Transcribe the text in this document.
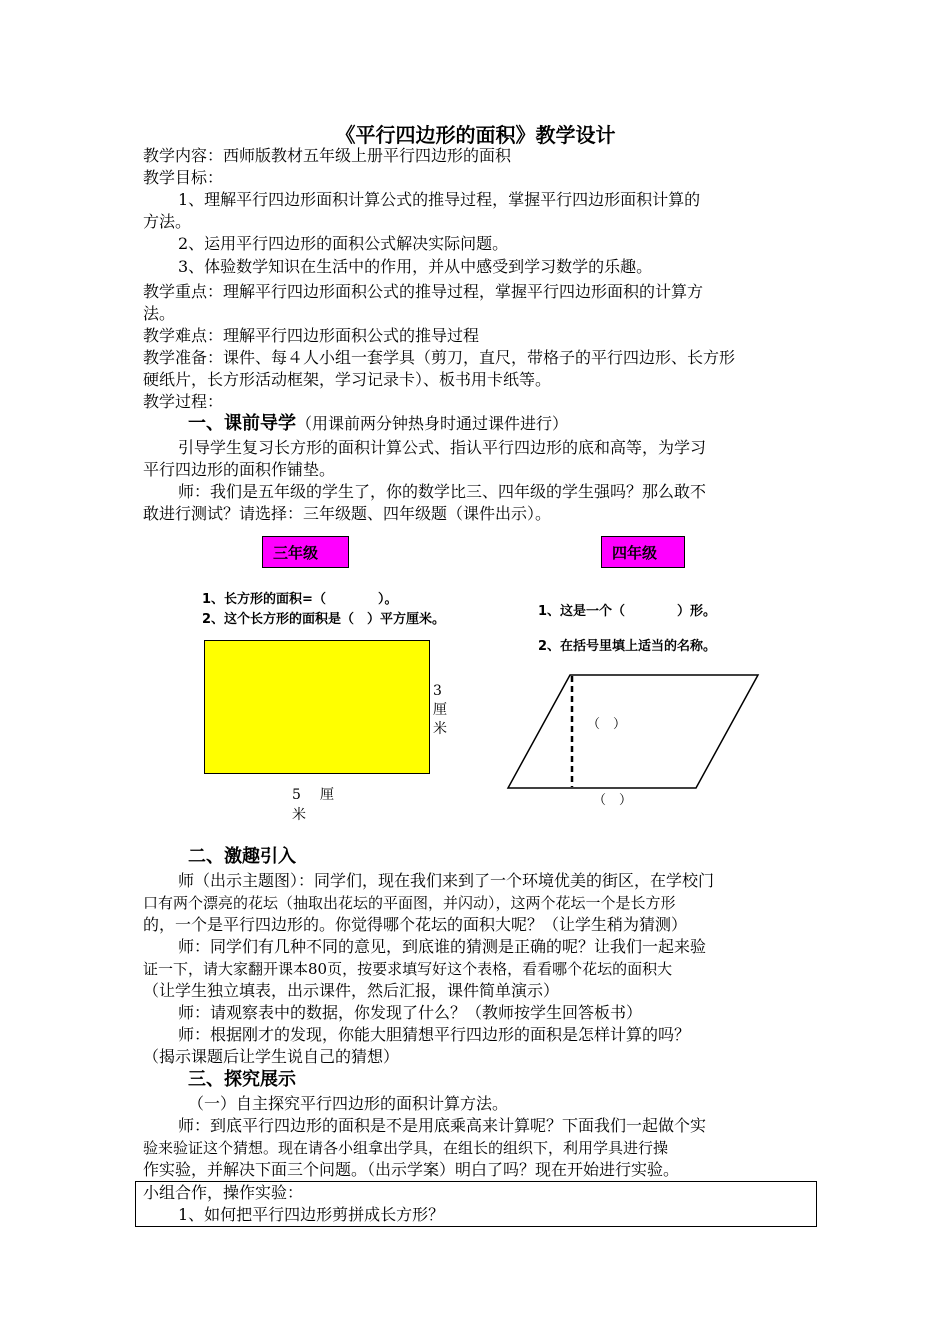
《平行四边形的面积》教学设计
教学内容：西师版教材五年级上册平行四边形的面积
教学目标：
1、理解平行四边形面积计算公式的推导过程，掌握平行四边形面积计算的
方法。
2、运用平行四边形的面积公式解决实际问题。
3、体验数学知识在生活中的作用，并从中感受到学习数学的乐趣。
教学重点：理解平行四边形面积公式的推导过程，掌握平行四边形面积的计算方
法。
教学难点：理解平行四边形面积公式的推导过程
教学准备：课件、每４人小组一套学具（剪刀，直尺，带格子的平行四边形、长方形
硬纸片，长方形活动框架，学习记录卡）、板书用卡纸等。
教学过程：
一、课前导学（用课前两分钟热身时通过课件进行）
引导学生复习长方形的面积计算公式、指认平行四边形的底和高等，为学习
平行四边形的面积作铺垫。
师：我们是五年级的学生了，你的数学比三、四年级的学生强吗？那么敢不
敢进行测试？请选择：三年级题、四年级题（课件出示）。
三年级	四年级
1、长方形的面积=（　　　　）。
2、这个长方形的面积是（　）平方厘米。
1、这是一个（　　　　）形。
2、在括号里填上适当的名称。
3
厘
米
5 厘
米
（　）
（　）
二、激趣引入
师（出示主题图）：同学们，现在我们来到了一个环境优美的街区，在学校门
口有两个漂亮的花坛（抽取出花坛的平面图，并闪动），这两个花坛一个是长方形
的，一个是平行四边形的。你觉得哪个花坛的面积大呢？（让学生稍为猜测）
师：同学们有几种不同的意见，到底谁的猜测是正确的呢？让我们一起来验
证一下，请大家翻开课本80页，按要求填写好这个表格，看看哪个花坛的面积大
（让学生独立填表，出示课件，然后汇报，课件简单演示）
师：请观察表中的数据，你发现了什么？（教师按学生回答板书）
师：根据刚才的发现，你能大胆猜想平行四边形的面积是怎样计算的吗？
（揭示课题后让学生说自己的猜想）
三、探究展示
（一）自主探究平行四边形的面积计算方法。
师：到底平行四边形的面积是不是用底乘高来计算呢？下面我们一起做个实
验来验证这个猜想。现在请各小组拿出学具，在组长的组织下，利用学具进行操
作实验，并解决下面三个问题。（出示学案）明白了吗？现在开始进行实验。
小组合作，操作实验：
1、如何把平行四边形剪拼成长方形？
